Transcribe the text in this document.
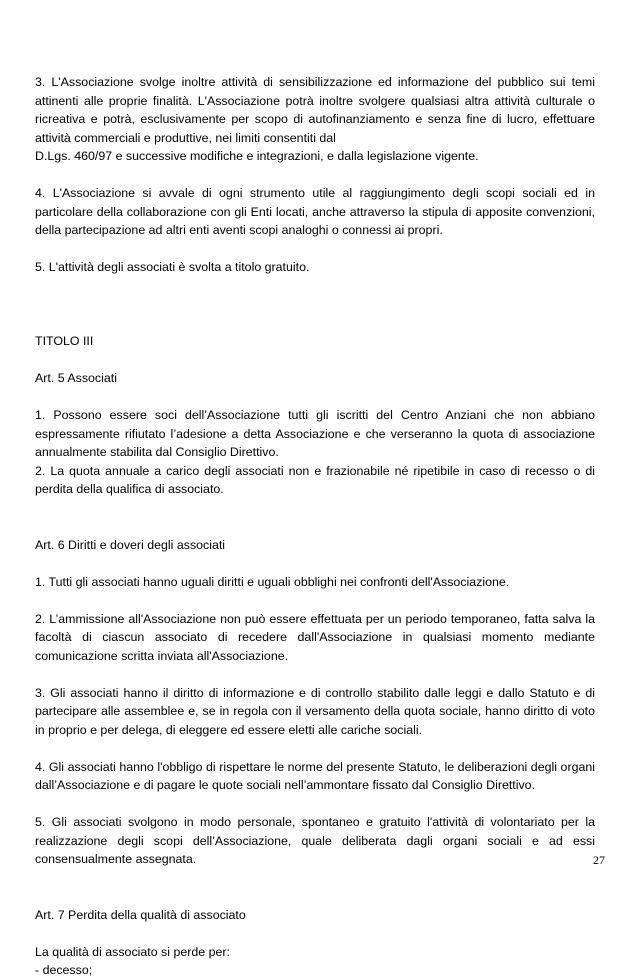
3. L'Associazione svolge inoltre attività di sensibilizzazione ed informazione del pubblico sui temi attinenti alle proprie finalità. L'Associazione potrà inoltre svolgere qualsiasi altra attività culturale o ricreativa e potrà, esclusivamente per scopo di autofinanziamento e senza fine di lucro, effettuare attività commerciali e produttive, nei limiti consentiti dal

D.Lgs. 460/97 e successive modifiche e integrazioni, e dalla legislazione vigente.

4. L'Associazione si avvale di ogni strumento utile al raggiungimento degli scopi sociali ed in particolare della collaborazione con gli Enti locati, anche attraverso la stipula di apposite convenzioni, della partecipazione ad altri enti aventi scopi analoghi o connessi ai propri.

5. L'attività degli associati è svolta a titolo gratuito.

TITOLO III

Art. 5 Associati

1. Possono essere soci dell’Associazione tutti gli iscritti del Centro Anziani che non abbiano espressamente rifiutato l’adesione a detta Associazione e che verseranno la quota di associazione annualmente stabilita dal Consiglio Direttivo.

2. La quota annuale a carico degli associati non e frazionabile né ripetibile in caso di recesso o di perdita della qualifica di associato.

Art. 6 Diritti e doveri degli associati

1. Tutti gli associati hanno uguali diritti e uguali obblighi nei confronti dell'Associazione.

2. L’ammissione all'Associazione non può essere effettuata per un periodo temporaneo, fatta salva la facoltà di ciascun associato di recedere dall'Associazione in qualsiasi momento mediante comunicazione scritta inviata all'Associazione.

3. Gli associati hanno il diritto di informazione e di controllo stabilito dalle leggi e dallo Statuto e di partecipare alle assemblee e, se in regola con il versamento della quota sociale, hanno diritto di voto in proprio e per delega, di eleggere ed essere eletti alle cariche sociali.

4. Gli associati hanno l'obbligo di rispettare le norme del presente Statuto, le deliberazioni degli organi dall’Associazione e di pagare le quote sociali nell’ammontare fissato dal Consiglio Direttivo.

5. Gli associati svolgono in modo personale, spontaneo e gratuito l'attività di volontariato per la realizzazione degli scopi dell’Associazione, quale deliberata dagli organi sociali e ad essi consensualmente assegnata.

Art. 7 Perdita della qualità di associato

La qualità di associato si perde per:

- decesso;

27
